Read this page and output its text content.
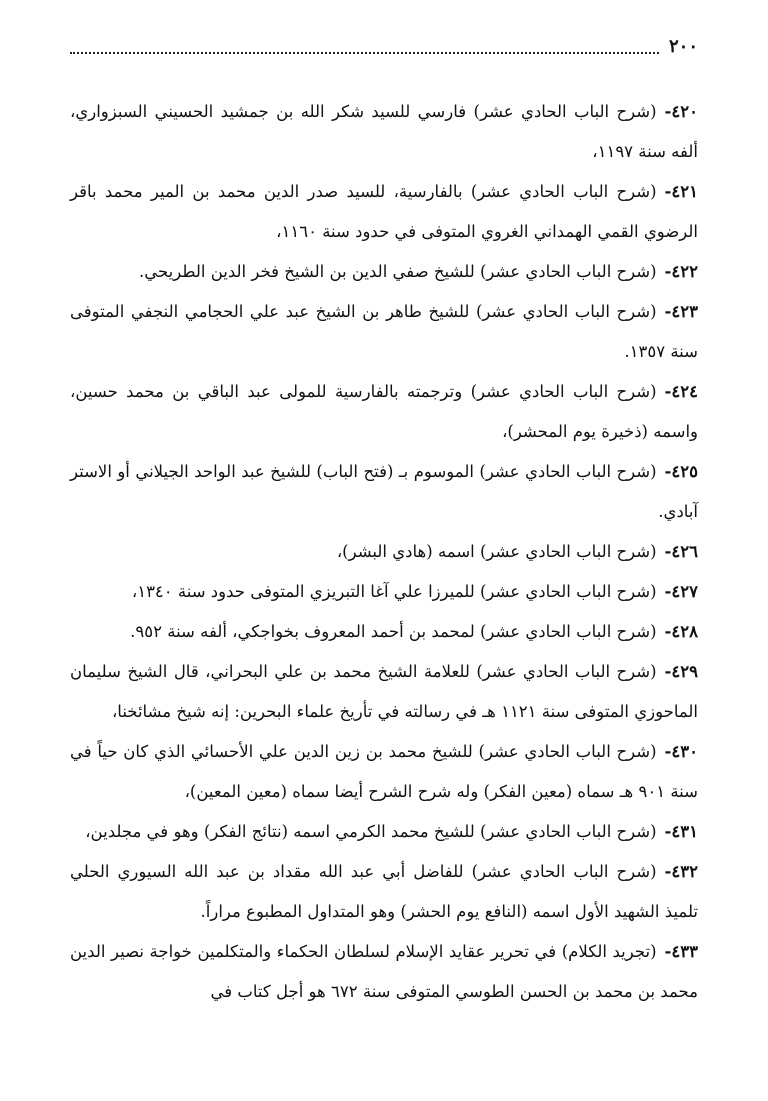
٢٠٠

٤٢٠-(شرح الباب الحادي عشر) فارسي للسيد شكر الله بن جمشيد الحسيني السبزواري، ألفه سنة ١١٩٧،

٤٢١-(شرح الباب الحادي عشر) بالفارسية، للسيد صدر الدين محمد بن المير محمد باقر الرضوي القمي الهمداني الغروي المتوفى في حدود سنة ١١٦٠،

٤٢٢-(شرح الباب الحادي عشر) للشيخ صفي الدين بن الشيخ فخر الدين الطريحي.

٤٢٣-(شرح الباب الحادي عشر) للشيخ طاهر بن الشيخ عبد علي الحجامي النجفي المتوفى سنة ١٣٥٧.

٤٢٤-(شرح الباب الحادي عشر) وترجمته بالفارسية للمولى عبد الباقي بن محمد حسين، واسمه (ذخيرة يوم المحشر)،

٤٢٥-(شرح الباب الحادي عشر) الموسوم بـ (فتح الباب) للشيخ عبد الواحد الجيلاني أو الاستر آبادي.

٤٢٦-(شرح الباب الحادي عشر) اسمه (هادي البشر)،

٤٢٧-(شرح الباب الحادي عشر) للميرزا علي آغا التبريزي المتوفى حدود سنة ١٣٤٠،

٤٢٨-(شرح الباب الحادي عشر) لمحمد بن أحمد المعروف بخواجكي، ألفه سنة ٩٥٢.

٤٢٩-(شرح الباب الحادي عشر) للعلامة الشيخ محمد بن علي البحراني، قال الشيخ سليمان الماحوزي المتوفى سنة ١١٢١ هـ في رسالته في تأريخ علماء البحرين: إنه شيخ مشائخنا،

٤٣٠-(شرح الباب الحادي عشر) للشيخ محمد بن زين الدين علي الأحسائي الذي كان حياً في سنة ٩٠١ هـ سماه (معين الفكر) وله شرح الشرح أيضا سماه (معين المعين)،

٤٣١-(شرح الباب الحادي عشر) للشيخ محمد الكرمي اسمه (نتائج الفكر) وهو في مجلدين،

٤٣٢-(شرح الباب الحادي عشر) للفاضل أبي عبد الله مقداد بن عبد الله السيوري الحلي تلميذ الشهيد الأول اسمه (النافع يوم الحشر) وهو المتداول المطبوع مراراً.

٤٣٣-(تجريد الكلام) في تحرير عقايد الإسلام لسلطان الحكماء والمتكلمين خواجة نصير الدين محمد بن محمد بن الحسن الطوسي المتوفى سنة ٦٧٢ هو أجل كتاب في
